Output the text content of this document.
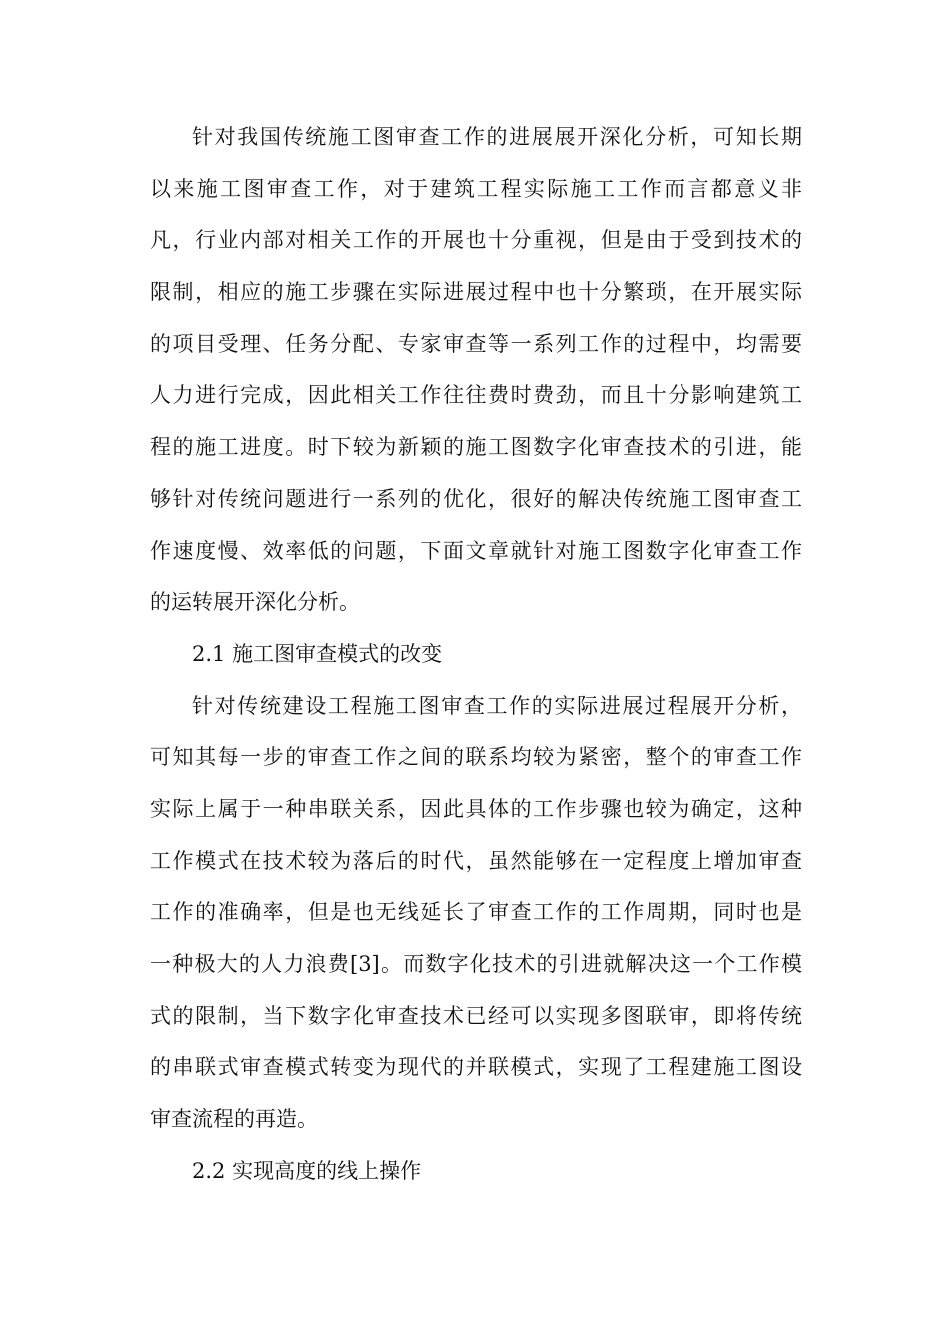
针对我国传统施工图审查工作的进展展开深化分析，可知长期
以来施工图审查工作，对于建筑工程实际施工工作而言都意义非
凡，行业内部对相关工作的开展也十分重视，但是由于受到技术的
限制，相应的施工步骤在实际进展过程中也十分繁琐，在开展实际
的项目受理、任务分配、专家审查等一系列工作的过程中，均需要
人力进行完成，因此相关工作往往费时费劲，而且十分影响建筑工
程的施工进度。时下较为新颖的施工图数字化审查技术的引进，能
够针对传统问题进行一系列的优化，很好的解决传统施工图审查工
作速度慢、效率低的问题，下面文章就针对施工图数字化审查工作
的运转展开深化分析。
2.1 施工图审查模式的改变
针对传统建设工程施工图审查工作的实际进展过程展开分析，
可知其每一步的审查工作之间的联系均较为紧密，整个的审查工作
实际上属于一种串联关系，因此具体的工作步骤也较为确定，这种
工作模式在技术较为落后的时代，虽然能够在一定程度上增加审查
工作的准确率，但是也无线延长了审查工作的工作周期，同时也是
一种极大的人力浪费[3]。而数字化技术的引进就解决这一个工作模
式的限制，当下数字化审查技术已经可以实现多图联审，即将传统
的串联式审查模式转变为现代的并联模式，实现了工程建施工图设
审查流程的再造。
2.2 实现高度的线上操作
